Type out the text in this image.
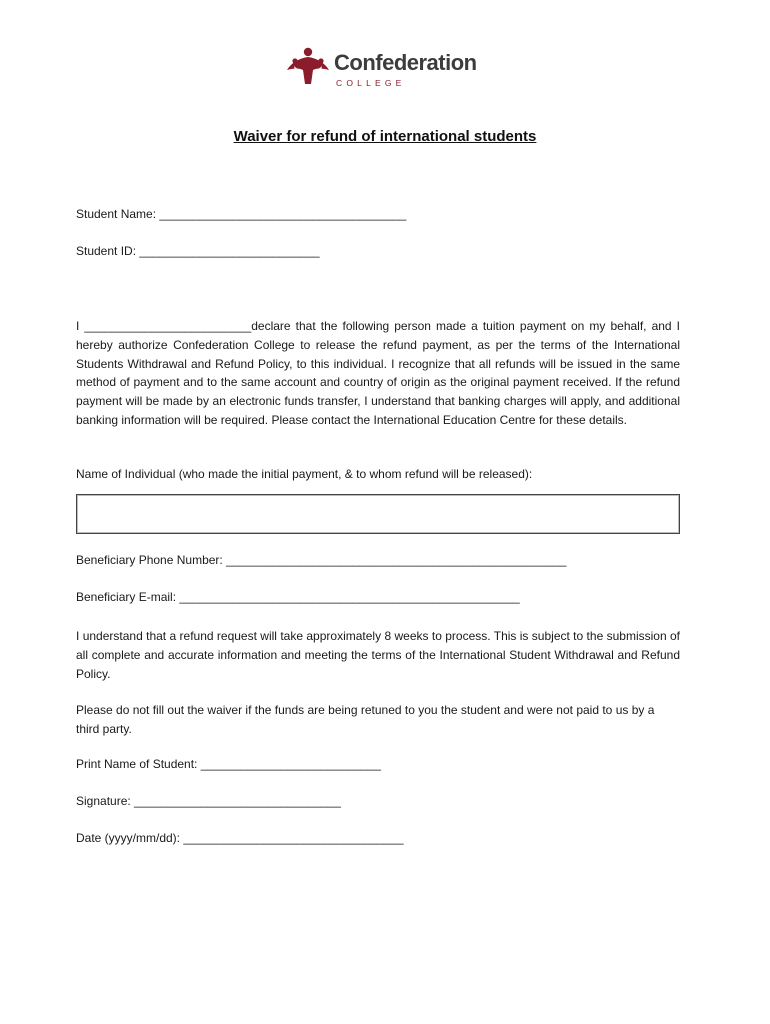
Confederation
COLLEGE
Waiver for refund of international students
Student Name: _____________________________________
Student ID: ___________________________
I _________________________declare that the following person made a tuition payment on my behalf, and I hereby authorize Confederation College to release the refund payment, as per the terms of the International Students Withdrawal and Refund Policy, to this individual. I recognize that all refunds will be issued in the same method of payment and to the same account and country of origin as the original payment received. If the refund payment will be made by an electronic funds transfer, I understand that banking charges will apply, and additional banking information will be required. Please contact the International Education Centre for these details.
Name of Individual (who made the initial payment, & to whom refund will be released):
Beneficiary Phone Number: ___________________________________________________
Beneficiary E-mail: ___________________________________________________
I understand that a refund request will take approximately 8 weeks to process. This is subject to the submission of all complete and accurate information and meeting the terms of the International Student Withdrawal and Refund Policy.
Please do not fill out the waiver if the funds are being retuned to you the student and were not paid to us by a third party.
Print Name of Student: ___________________________
Signature: _______________________________
Date (yyyy/mm/dd): _________________________________
